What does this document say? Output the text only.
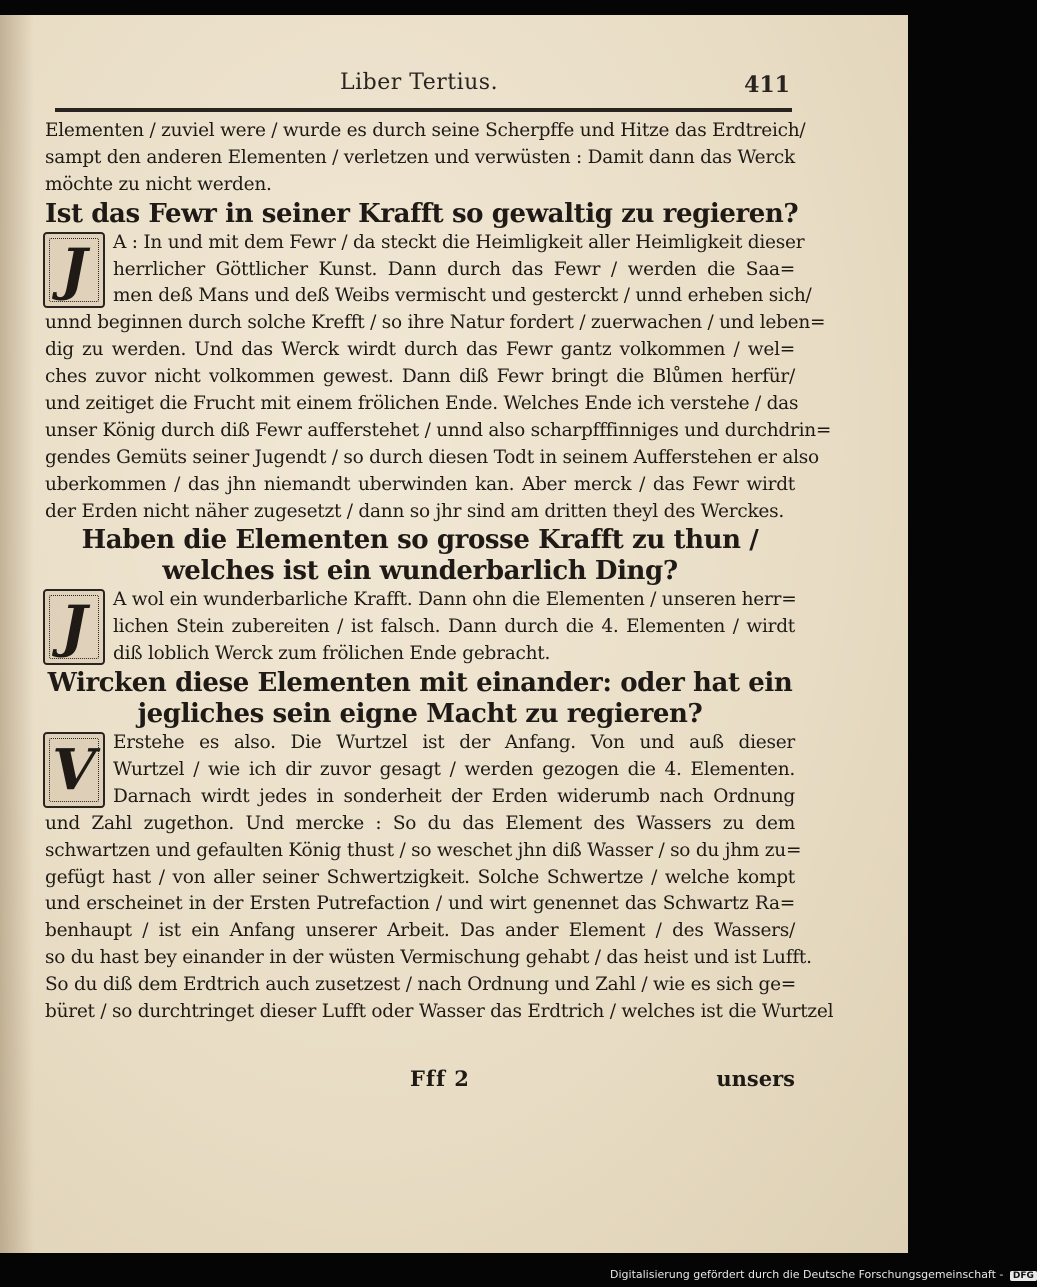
Liber Tertius.	411
Elementen / zuviel were / wurde es durch seine Scherpffe und Hitze das Erdtreich/
sampt den anderen Elementen / verletzen und verwüsten : Damit dann das Werck
möchte zu nicht werden.
Ist das Fewr in seiner Krafft so gewaltig zu regieren?
J	A : In und mit dem Fewr / da steckt die Heimligkeit aller Heimligkeit dieser
herrlicher Göttlicher Kunst. Dann durch das Fewr / werden die Saa=
men deß Mans und deß Weibs vermischt und gesterckt / unnd erheben sich/
unnd beginnen durch solche Krefft / so ihre Natur fordert / zuerwachen / und leben=
dig zu werden. Und das Werck wirdt durch das Fewr gantz volkommen / wel=
ches zuvor nicht volkommen gewest. Dann diß Fewr bringt die Blůmen herfür/
und zeitiget die Frucht mit einem frölichen Ende. Welches Ende ich verstehe / das
unser König durch diß Fewr aufferstehet / unnd also scharpfffinniges und durchdrin=
gendes Gemüts seiner Jugendt / so durch diesen Todt in seinem Aufferstehen er also
uberkommen / das jhn niemandt uberwinden kan. Aber merck / das Fewr wirdt
der Erden nicht näher zugesetzt / dann so jhr sind am dritten theyl des Werckes.
Haben die Elementen so grosse Krafft zu thun /
welches ist ein wunderbarlich Ding?
J	A wol ein wunderbarliche Krafft. Dann ohn die Elementen / unseren herr=
lichen Stein zubereiten / ist falsch. Dann durch die 4. Elementen / wirdt
diß loblich Werck zum frölichen Ende gebracht.
Wircken diese Elementen mit einander: oder hat ein
jegliches sein eigne Macht zu regieren?
V Erstehe es also. Die Wurtzel ist der Anfang. Von und auß dieser
Wurtzel / wie ich dir zuvor gesagt / werden gezogen die 4. Elementen.
Darnach wirdt jedes in sonderheit der Erden widerumb nach Ordnung
und Zahl zugethon. Und mercke : So du das Element des Wassers zu dem
schwartzen und gefaulten König thust / so weschet jhn diß Wasser / so du jhm zu=
gefügt hast / von aller seiner Schwertzigkeit. Solche Schwertze / welche kompt
und erscheinet in der Ersten Putrefaction / und wirt genennet das Schwartz Ra=
benhaupt / ist ein Anfang unserer Arbeit. Das ander Element / des Wassers/
so du hast bey einander in der wüsten Vermischung gehabt / das heist und ist Lufft.
So du diß dem Erdtrich auch zusetzest / nach Ordnung und Zahl / wie es sich ge=
büret / so durchtringet dieser Lufft oder Wasser das Erdtrich / welches ist die Wurtzel
Fff 2	unsers
Digitalisierung gefördert durch die Deutsche Forschungsgemeinschaft - DFG
